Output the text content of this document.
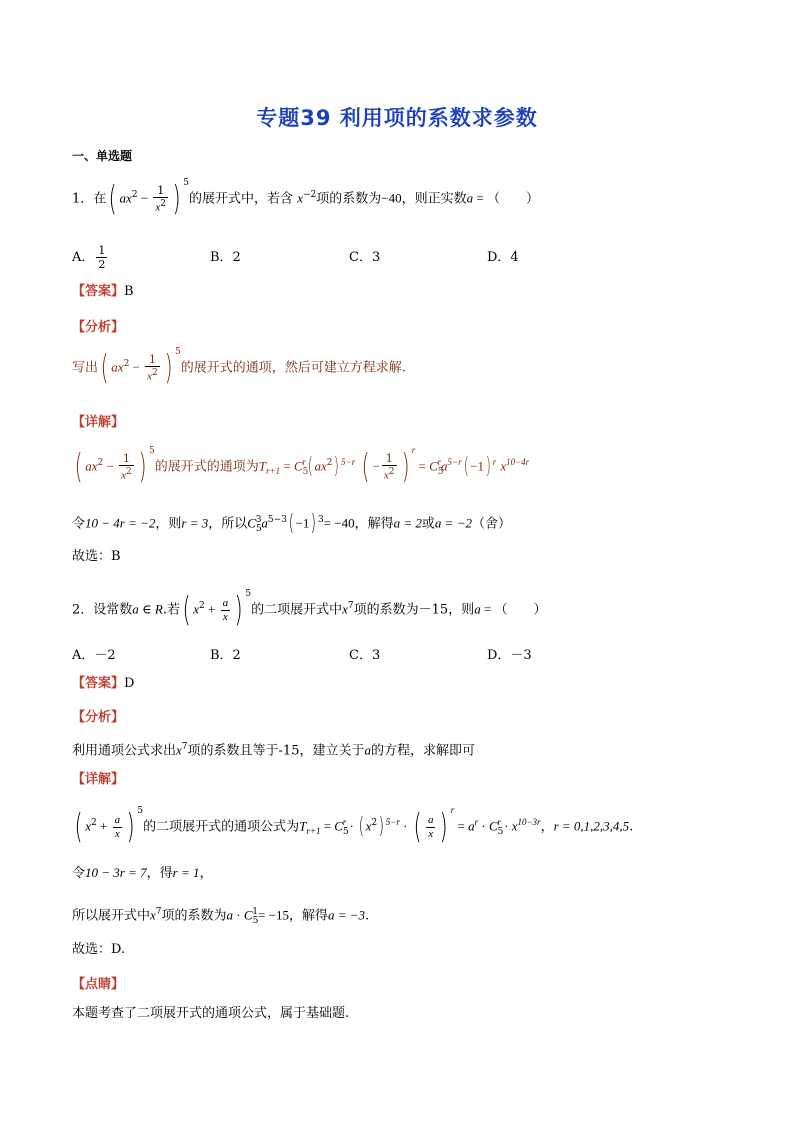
专题39 利用项的系数求参数
一、单选题
1．在( $ax^2 - \frac{1}{x^2}$ ) $^5$的展开式中，若含 $x^{-2}$项的系数为−40，则正实数a = （　　）
A． $\frac{1}{2}$	B．2	C．3	D．4
【答案】B
【分析】
写出( $ax^2 - \frac{1}{x^2}$ ) $^5$的展开式的通项，然后可建立方程求解.
【详解】
( $ax^2 - \frac{1}{x^2}$ ) $^5$的展开式的通项为$T_{r+1} = C_5^r$( $ax^2$) $^{5-r}$ ( − $\frac{1}{x^2}$ ) $^r = C_5^ra^{5-r}( -1)$ $^r$ $x^{10-4r}$
令10 − 4r = −2，则r = 3，所以$C_5^3a^{5-3}( -1)$ $^3$= −40，解得a = 2或a = −2（舍）
故选：B
2．设常数a ∈ R.若( $x^2 + \frac{a}{x}$ ) $^5$的二项展开式中$x^7$项的系数为－15，则a = （　　）
A．－2	B．2	C．3	D．－3
【答案】D
【分析】
利用通项公式求出$x^7$项的系数且等于-15，建立关于a的方程，求解即可
【详解】
( $x^2 + \frac{a}{x}$ ) $^5$的二项展开式的通项公式为$T_{r+1} = C_5^r$ · ( $x^2$) $^{5-r}$ · ( $\frac{a}{x}$ ) $^r = a^r \cdot C_5^r \cdot x^{10-3r}$，r = 0,1,2,3,4,5.
令10 − 3r = 7，得r = 1，
所以展开式中$x^7$项的系数为$a \cdot C_5^1= -15$，解得a = −3.
故选：D.
【点睛】
本题考查了二项展开式的通项公式，属于基础题.
